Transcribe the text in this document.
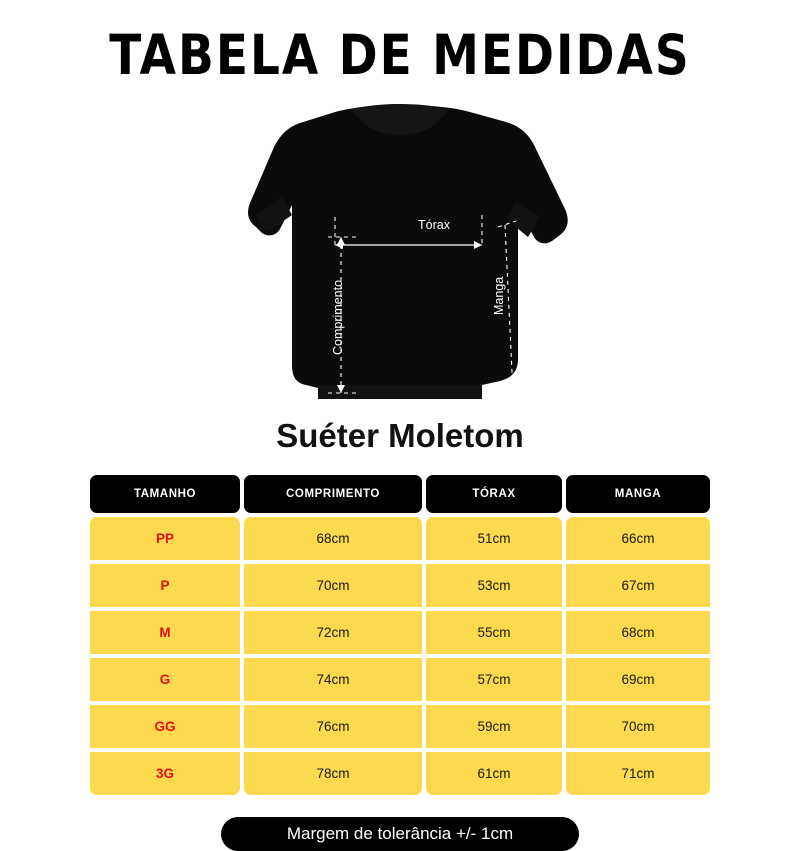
TABELA DE MEDIDAS
Tórax
Comprimento	Manga
Suéter Moletom
TAMANHO	COMPRIMENTO	TÓRAX	MANGA
PP	68cm	51cm	66cm
P	70cm	53cm	67cm
M	72cm	55cm	68cm
G	74cm	57cm	69cm
GG	76cm	59cm	70cm
3G	78cm	61cm	71cm
Margem de tolerância +/- 1cm
